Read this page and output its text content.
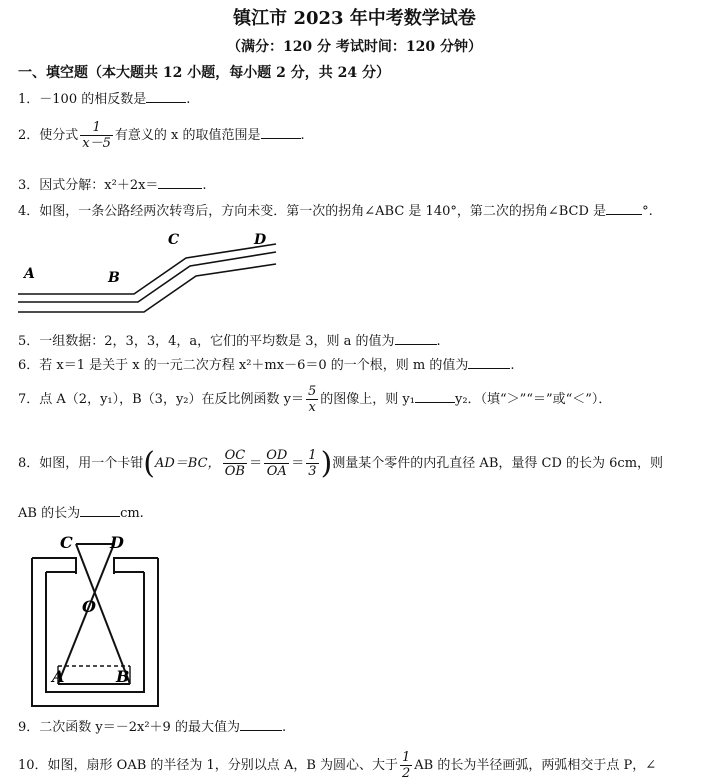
镇江市 2023 年中考数学试卷
（满分：120 分 考试时间：120 分钟）
一、填空题（本大题共 12 小题，每小题 2 分，共 24 分）
1．－100 的相反数是	.
2．使分式 $\frac{1}{x-5}$ 有意义的 x 的取值范围是	.
3．因式分解：x²＋2x＝	.
4．如图，一条公路经两次转弯后，方向未变．第一次的拐角∠ABC 是 140°，第二次的拐角∠BCD 是	°.
A	B
C	D
5．一组数据：2，3，3，4，a，它们的平均数是 3，则 a 的值为	.
6．若 x＝1 是关于 x 的一元二次方程 x²＋mx－6＝0 的一个根，则 m 的值为	.
7．点 A（2，y₁），B（3，y₂）在反比例函数 $y= \frac{5}{x}$ 的图像上，则 y₁	y₂．（填“＞”“＝”或“＜”）．
8．如图，用一个卡钳(AD＝BC， $\frac{OC}{OB} = \frac{OD}{OA} = \frac{1}{3}$ )测量某个零件的内孔直径 AB，量得 CD 的长为 6cm，则
AB 的长为	cm.
C D
O
A	B
9．二次函数 y＝－2x²＋9 的最大值为	.
10．如图，扇形 OAB 的半径为 1，分别以点 A，B 为圆心、大于 $\frac{1}{2}$ AB 的长为半径画弧，两弧相交于点 P，∠
